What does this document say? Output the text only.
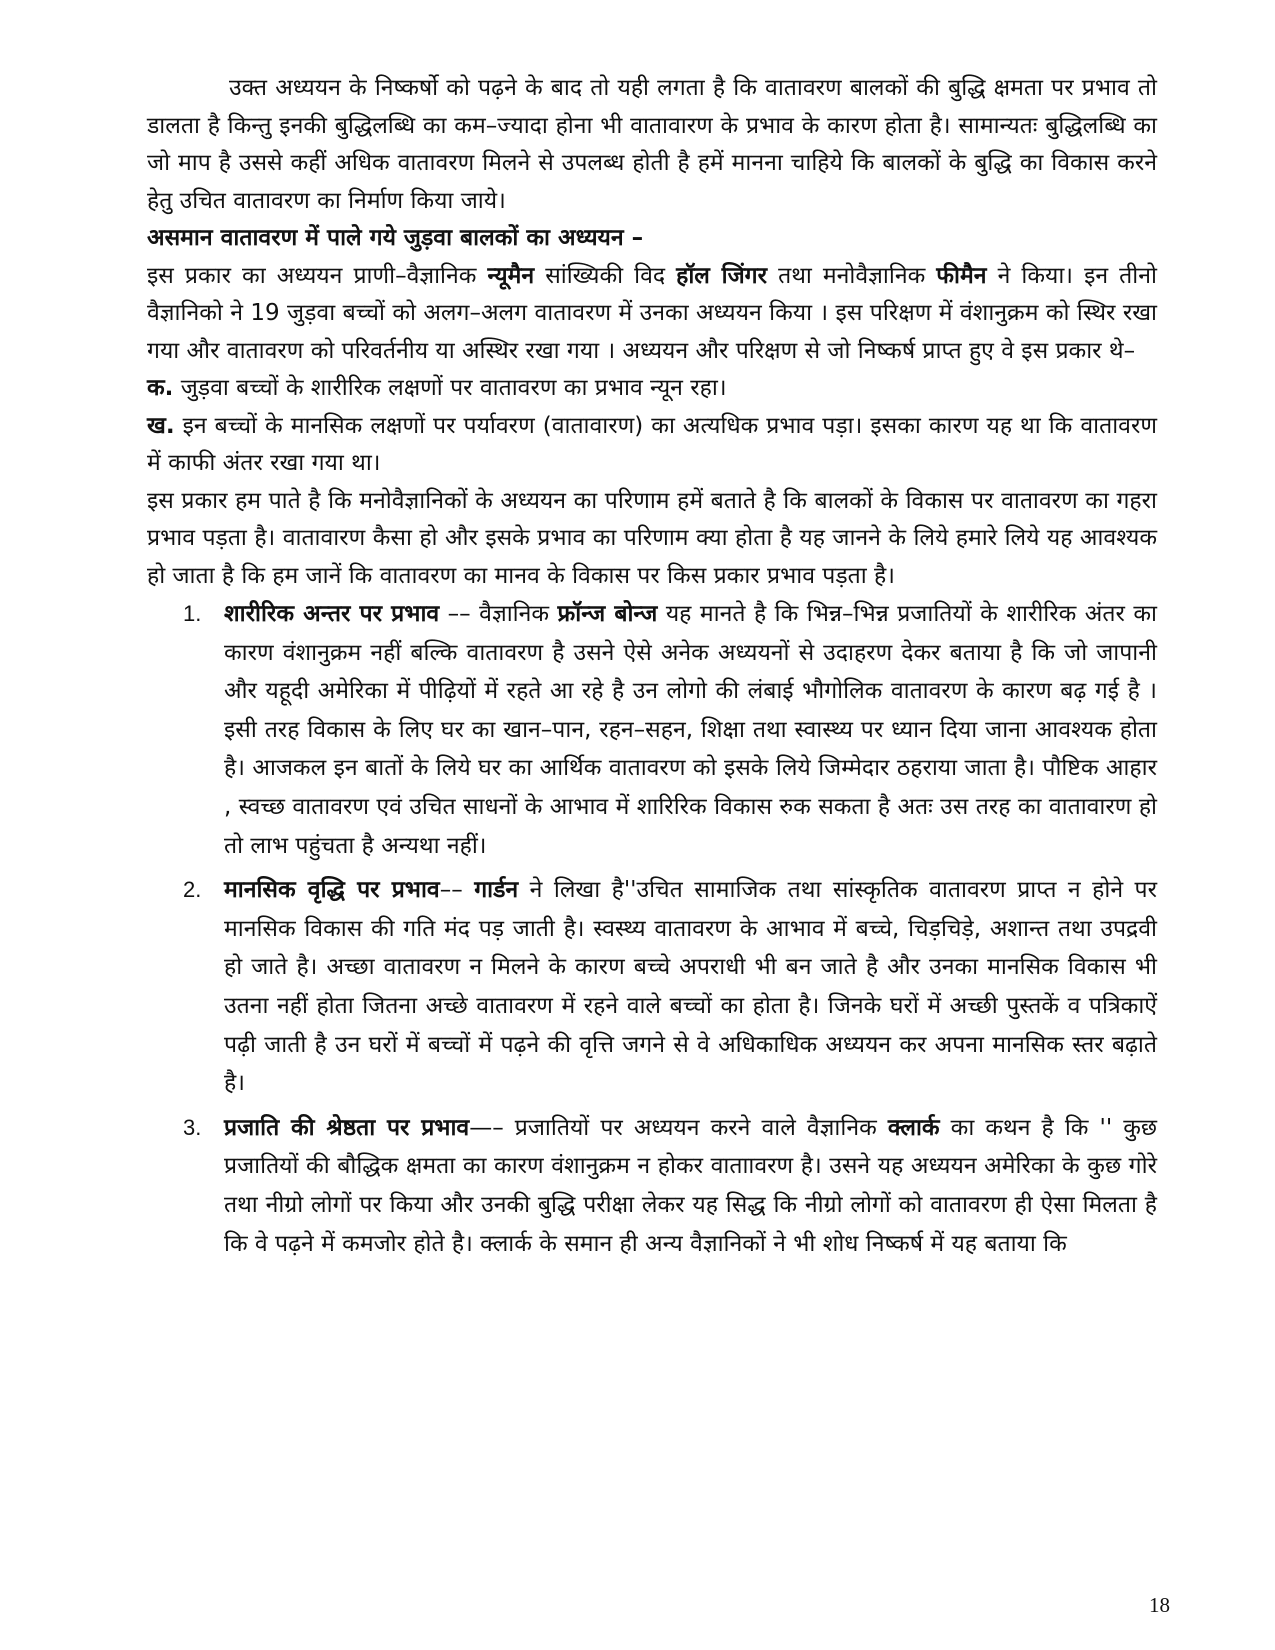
उक्त अध्ययन के निष्कर्षो को पढ़ने के बाद तो यही लगता है कि वातावरण बालकों की बुद्धि क्षमता पर प्रभाव तो डालता है किन्तु इनकी बुद्धिलब्धि का कम–ज्यादा होना भी वातावारण के प्रभाव के कारण होता है। सामान्यतः बुद्धिलब्धि का जो माप है उससे कहीं अधिक वातावरण मिलने से उपलब्ध होती है हमें मानना चाहिये कि बालकों के बुद्धि का विकास करने हेतु उचित वातावरण का निर्माण किया जाये।

असमान वातावरण में पाले गये जुड़वा बालकों का अध्ययन –

इस प्रकार का अध्ययन प्राणी–वैज्ञानिक न्यूमैन सांख्यिकी विद हॉल जिंगर तथा मनोवैज्ञानिक फीमैन ने किया। इन तीनो वैज्ञानिको ने 19 जुड़वा बच्चों को अलग–अलग वातावरण में उनका अध्ययन किया । इस परिक्षण में वंशानुक्रम को स्थिर रखा गया और वातावरण को परिवर्तनीय या अस्थिर रखा गया । अध्ययन और परिक्षण से जो निष्कर्ष प्राप्त हुए वे इस प्रकार थे–

क. जुड़वा बच्चों के शारीरिक लक्षणों पर वातावरण का प्रभाव न्यून रहा।

ख. इन बच्चों के मानसिक लक्षणों पर पर्यावरण (वातावारण) का अत्यधिक प्रभाव पड़ा। इसका कारण यह था कि वातावरण में काफी अंतर रखा गया था।

इस प्रकार हम पाते है कि मनोवैज्ञानिकों के अध्ययन का परिणाम हमें बताते है कि बालकों के विकास पर वातावरण का गहरा प्रभाव पड़ता है। वातावारण कैसा हो और इसके प्रभाव का परिणाम क्या होता है यह जानने के लिये हमारे लिये यह आवश्यक हो जाता है कि हम जानें कि वातावरण का मानव के विकास पर किस प्रकार प्रभाव पड़ता है।

1. शारीरिक अन्तर पर प्रभाव –– वैज्ञानिक फ्रॉन्ज बोन्ज यह मानते है कि भिन्न–भिन्न प्रजातियों के शारीरिक अंतर का कारण वंशानुक्रम नहीं बल्कि वातावरण है उसने ऐसे अनेक अध्ययनों से उदाहरण देकर बताया है कि जो जापानी और यहूदी अमेरिका में पीढ़ियों में रहते आ रहे है उन लोगो की लंबाई भौगोलिक वातावरण के कारण बढ़ गई है । इसी तरह विकास के लिए घर का खान–पान, रहन–सहन, शिक्षा तथा स्वास्थ्य पर ध्यान दिया जाना आवश्यक होता है। आजकल इन बातों के लिये घर का आर्थिक वातावरण को इसके लिये जिम्मेदार ठहराया जाता है। पौष्टिक आहार , स्वच्छ वातावरण एवं उचित साधनों के आभाव में शारिरिक विकास रुक सकता है अतः उस तरह का वातावारण हो तो लाभ पहुंचता है अन्यथा नहीं।
2. मानसिक वृद्धि पर प्रभाव–– गार्डन ने लिखा है''उचित सामाजिक तथा सांस्कृतिक वातावरण प्राप्त न होने पर मानसिक विकास की गति मंद पड़ जाती है। स्वस्थ्य वातावरण के आभाव में बच्चे, चिड़चिड़े, अशान्त तथा उपद्रवी हो जाते है। अच्छा वातावरण न मिलने के कारण बच्चे अपराधी भी बन जाते है और उनका मानसिक विकास भी उतना नहीं होता जितना अच्छे वातावरण में रहने वाले बच्चों का होता है। जिनके घरों में अच्छी पुस्तकें व पत्रिकाऐं पढ़ी जाती है उन घरों में बच्चों में पढ़ने की वृत्ति जगने से वे अधिकाधिक अध्ययन कर अपना मानसिक स्तर बढ़ाते है।
3. प्रजाति की श्रेष्ठता पर प्रभाव—– प्रजातियों पर अध्ययन करने वाले वैज्ञानिक क्लार्क का कथन है कि '' कुछ प्रजातियों की बौद्धिक क्षमता का कारण वंशानुक्रम न होकर वाताावरण है। उसने यह अध्ययन अमेरिका के कुछ गोरे तथा नीग्रो लोगों पर किया और उनकी बुद्धि परीक्षा लेकर यह सिद्ध कि नीग्रो लोगों को वातावरण ही ऐसा मिलता है कि वे पढ़ने में कमजोर होते है। क्लार्क के समान ही अन्य वैज्ञानिकों ने भी शोध निष्कर्ष में यह बताया कि
18
